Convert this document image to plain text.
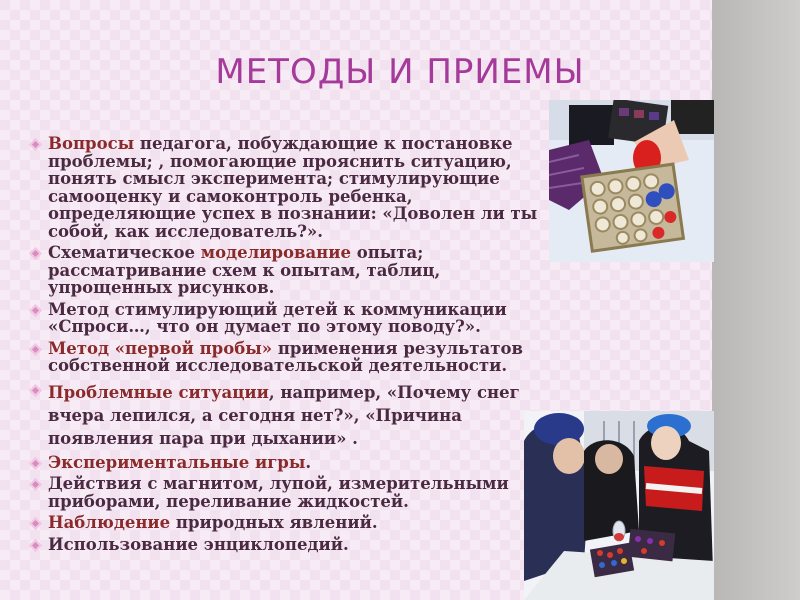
МЕТОДЫ И ПРИЕМЫ
Вопросы педагога, побуждающие к постановке проблемы; , помогающие прояснить ситуацию, понять смысл эксперимента; стимулирующие самооценку и самоконтроль ребенка, определяющие успех в познании: «Доволен ли ты собой, как исследователь?».
Схематическое моделирование опыта; рассматривание схем к опытам, таблиц, упрощенных рисунков.
Метод стимулирующий детей к коммуникации «Спроси…, что он думает по этому поводу?».
Метод «первой пробы» применения результатов собственной исследовательской деятельности.
Проблемные ситуации, например, «Почему снег вчера лепился, а сегодня нет?», «Причина появления пара при дыхании» .
Экспериментальные игры.
Действия с магнитом, лупой, измерительными приборами, переливание жидкостей.
Наблюдение природных явлений.
Использование энциклопедий.
